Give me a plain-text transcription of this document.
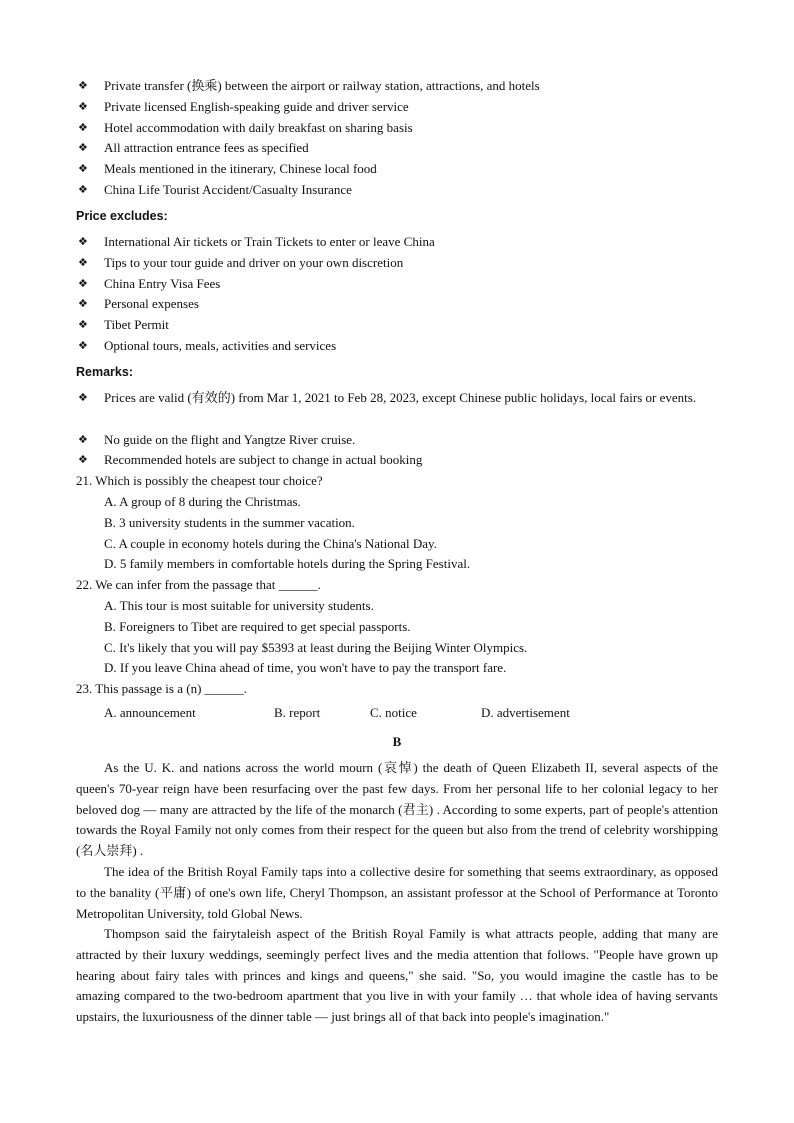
❖	Private transfer (换乘) between the airport or railway station, attractions, and hotels
❖	Private licensed English-speaking guide and driver service
❖	Hotel accommodation with daily breakfast on sharing basis
❖	All attraction entrance fees as specified
❖	Meals mentioned in the itinerary, Chinese local food
❖	China Life Tourist Accident/Casualty Insurance
Price excludes:
❖	International Air tickets or Train Tickets to enter or leave China
❖	Tips to your tour guide and driver on your own discretion
❖	China Entry Visa Fees
❖	Personal expenses
❖	Tibet Permit
❖	Optional tours, meals, activities and services
Remarks:
❖	Prices are valid (有效的) from Mar 1, 2021 to Feb 28, 2023, except Chinese public holidays, local fairs or events.
❖	No guide on the flight and Yangtze River cruise.
❖	Recommended hotels are subject to change in actual booking
21. Which is possibly the cheapest tour choice?
A. A group of 8 during the Christmas.
B. 3 university students in the summer vacation.
C. A couple in economy hotels during the China's National Day.
D. 5 family members in comfortable hotels during the Spring Festival.
22. We can infer from the passage that ______.
A. This tour is most suitable for university students.
B. Foreigners to Tibet are required to get special passports.
C. It's likely that you will pay $5393 at least during the Beijing Winter Olympics.
D. If you leave China ahead of time, you won't have to pay the transport fare.
23. This passage is a (n) ______.
A. announcement	B. report	C. notice	D. advertisement
B
As the U. K. and nations across the world mourn (哀悼) the death of Queen Elizabeth II, several aspects of the queen's 70-year reign have been resurfacing over the past few days. From her personal life to her colonial legacy to her beloved dog — many are attracted by the life of the monarch (君主) . According to some experts, part of people's attention towards the Royal Family not only comes from their respect for the queen but also from the trend of celebrity worshipping (名人崇拜) .
The idea of the British Royal Family taps into a collective desire for something that seems extraordinary, as opposed to the banality (平庸) of one's own life, Cheryl Thompson, an assistant professor at the School of Performance at Toronto Metropolitan University, told Global News.
Thompson said the fairytaleish aspect of the British Royal Family is what attracts people, adding that many are attracted by their luxury weddings, seemingly perfect lives and the media attention that follows. "People have grown up hearing about fairy tales with princes and kings and queens," she said. "So, you would imagine the castle has to be amazing compared to the two-bedroom apartment that you live in with your family … that whole idea of having servants upstairs, the luxuriousness of the dinner table — just brings all of that back into people's imagination."
